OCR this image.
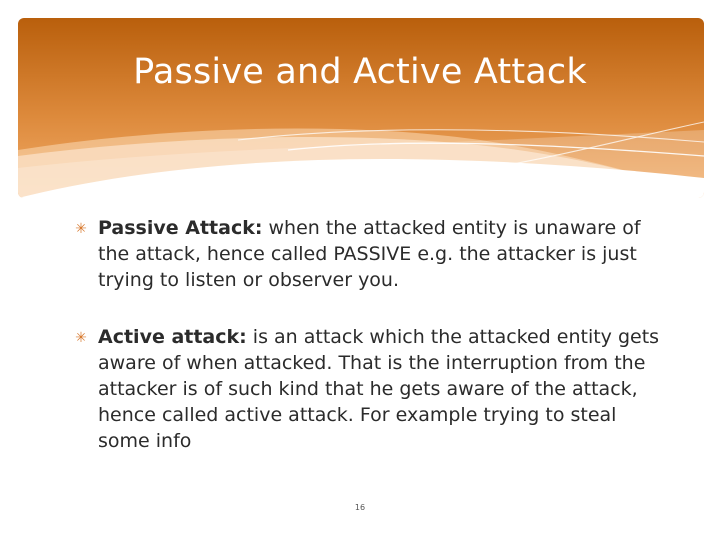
Passive and Active Attack
✳ Passive Attack: when the attacked entity is unaware of the attack, hence called PASSIVE e.g. the attacker is just trying to listen or observer you.
✳ Active attack: is an attack which the attacked entity gets aware of when attacked. That is the interruption from the attacker is of such kind that he gets aware of the attack, hence called active attack. For example trying to steal some info
16
